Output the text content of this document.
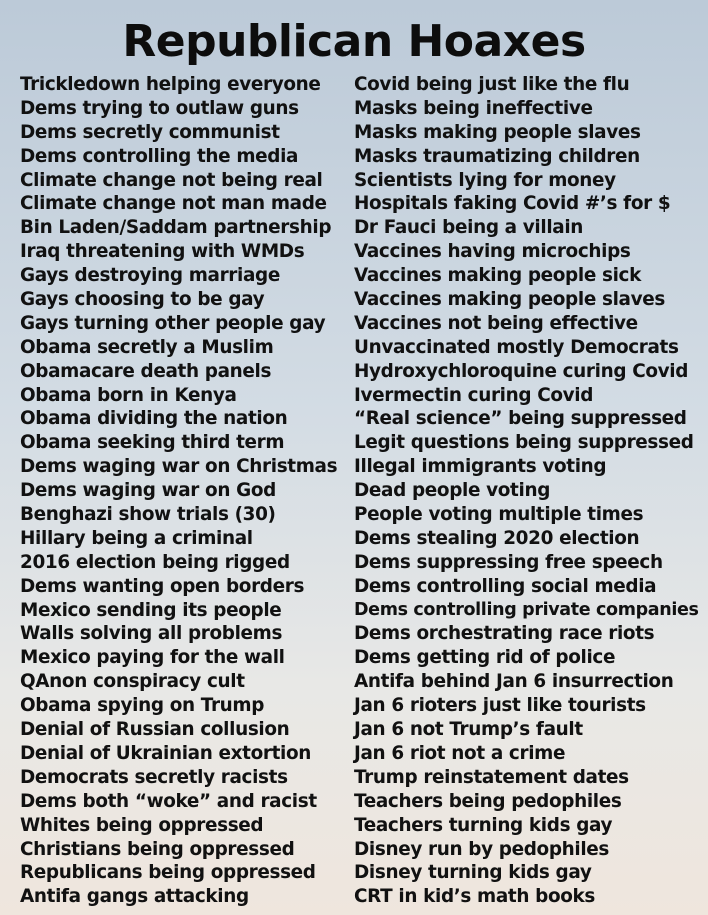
Republican Hoaxes
Trickledown helping everyone
Dems trying to outlaw guns
Dems secretly communist
Dems controlling the media
Climate change not being real
Climate change not man made
Bin Laden/Saddam partnership
Iraq threatening with WMDs
Gays destroying marriage
Gays choosing to be gay
Gays turning other people gay
Obama secretly a Muslim
Obamacare death panels
Obama born in Kenya
Obama dividing the nation
Obama seeking third term
Dems waging war on Christmas
Dems waging war on God
Benghazi show trials (30)
Hillary being a criminal
2016 election being rigged
Dems wanting open borders
Mexico sending its people
Walls solving all problems
Mexico paying for the wall
QAnon conspiracy cult
Obama spying on Trump
Denial of Russian collusion
Denial of Ukrainian extortion
Democrats secretly racists
Dems both “woke” and racist
Whites being oppressed
Christians being oppressed
Republicans being oppressed
Antifa gangs attacking
Covid being just like the flu
Masks being ineffective
Masks making people slaves
Masks traumatizing children
Scientists lying for money
Hospitals faking Covid #’s for $
Dr Fauci being a villain
Vaccines having microchips
Vaccines making people sick
Vaccines making people slaves
Vaccines not being effective
Unvaccinated mostly Democrats
Hydroxychloroquine curing Covid
Ivermectin curing Covid
“Real science” being suppressed
Legit questions being suppressed
Illegal immigrants voting
Dead people voting
People voting multiple times
Dems stealing 2020 election
Dems suppressing free speech
Dems controlling social media
Dems controlling private companies
Dems orchestrating race riots
Dems getting rid of police
Antifa behind Jan 6 insurrection
Jan 6 rioters just like tourists
Jan 6 not Trump’s fault
Jan 6 riot not a crime
Trump reinstatement dates
Teachers being pedophiles
Teachers turning kids gay
Disney run by pedophiles
Disney turning kids gay
CRT in kid’s math books
